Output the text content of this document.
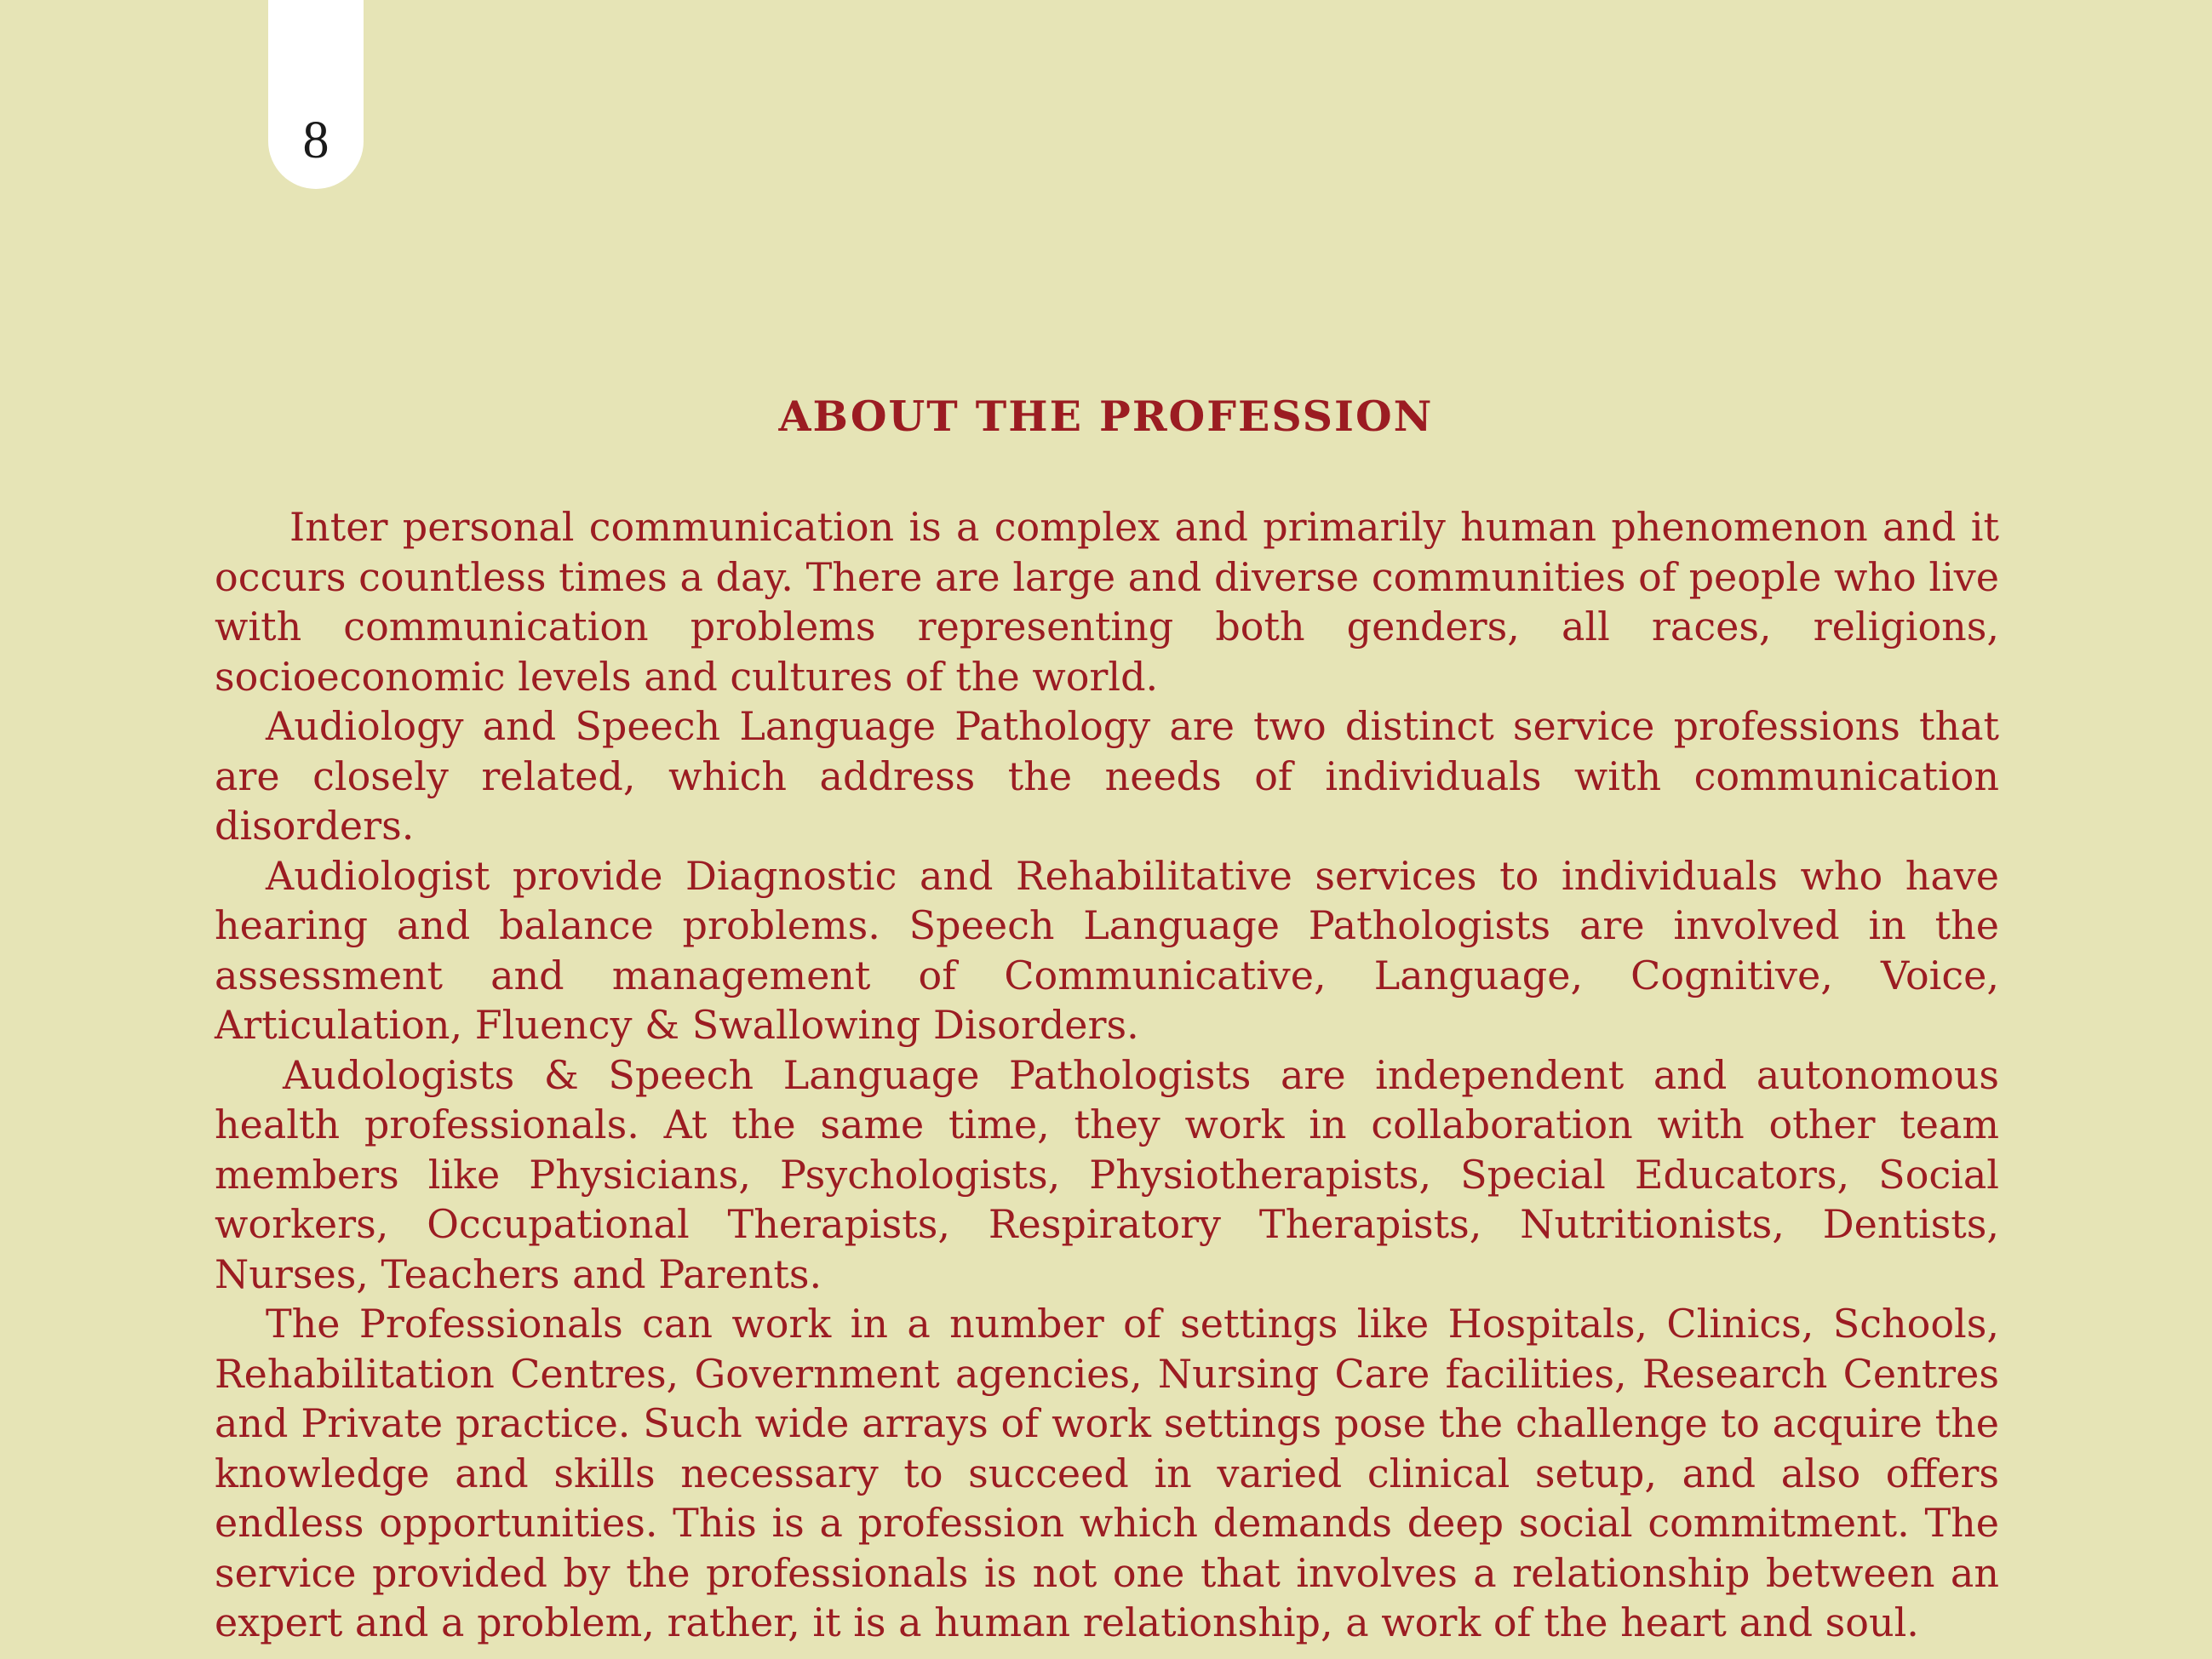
8
ABOUT THE PROFESSION

Inter personal communication is a complex and primarily human phenomenon and it occurs countless times a day. There are large and diverse communities of people who live with communication problems representing both genders, all races, religions, socioeconomic levels and cultures of the world.

Audiology and Speech Language Pathology are two distinct service professions that are closely related, which address the needs of individuals with communication disorders.

Audiologist provide Diagnostic and Rehabilitative services to individuals who have hearing and balance problems. Speech Language Pathologists are involved in the assessment and management of Communicative, Language, Cognitive, Voice, Articulation, Fluency & Swallowing Disorders.

Audologists & Speech Language Pathologists are independent and autonomous health professionals. At the same time, they work in collaboration with other team members like Physicians, Psychologists, Physiotherapists, Special Educators, Social workers, Occupational Therapists, Respiratory Therapists, Nutritionists, Dentists, Nurses, Teachers and Parents.

The Professionals can work in a number of settings like Hospitals, Clinics, Schools, Rehabilitation Centres, Government agencies, Nursing Care facilities, Research Centres and Private practice. Such wide arrays of work settings pose the challenge to acquire the knowledge and skills necessary to succeed in varied clinical setup, and also offers endless opportunities. This is a profession which demands deep social commitment. The service provided by the professionals is not one that involves a relationship between an expert and a problem, rather, it is a human relationship, a work of the heart and soul.
